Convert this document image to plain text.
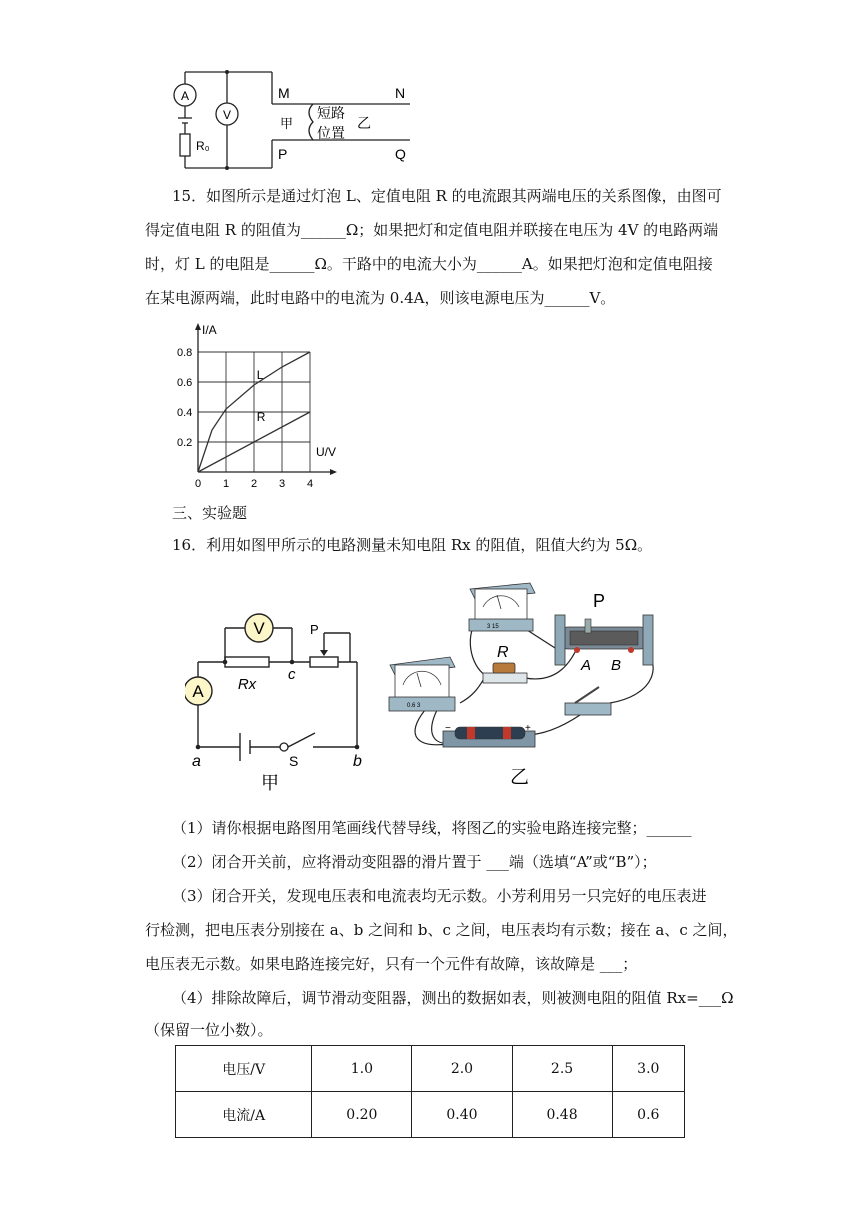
A
V
R₀
M	N
P	Q
甲
短路
位置
乙
15．如图所示是通过灯泡 L、定值电阻 R 的电流跟其两端电压的关系图像，由图可
得定值电阻 R 的阻值为______Ω；如果把灯和定值电阻并联接在电压为 4V 的电路两端
时，灯 L 的电阻是______Ω。干路中的电流大小为______A。如果把灯泡和定值电阻接
在某电源两端，此时电路中的电流为 0.4A，则该电源电压为______V。
L
R
0 1 2 3 4
0.2
0.4
0.6
0.8
I/A
U/V
三、实验题
16．利用如图甲所示的电路测量未知电阻 Rx 的阻值，阻值大约为 5Ω。
A
V	P
Rx
c
a	b
S
甲
3 15
R
P
A B
0.6 3
−	+
乙
（1）请你根据电路图用笔画线代替导线，将图乙的实验电路连接完整；______
（2）闭合开关前，应将滑动变阻器的滑片置于 ___端（选填“A”或“B”）；
（3）闭合开关，发现电压表和电流表均无示数。小芳利用另一只完好的电压表进
行检测，把电压表分别接在 a、b 之间和 b、c 之间，电压表均有示数；接在 a、c 之间，
电压表无示数。如果电路连接完好，只有一个元件有故障，该故障是 ___；
（4）排除故障后，调节滑动变阻器，测出的数据如表，则被测电阻的阻值 Rx=___Ω
（保留一位小数）。
电压/V	1.0	2.0	2.5	3.0
电流/A	0.20	0.40	0.48	0.6
